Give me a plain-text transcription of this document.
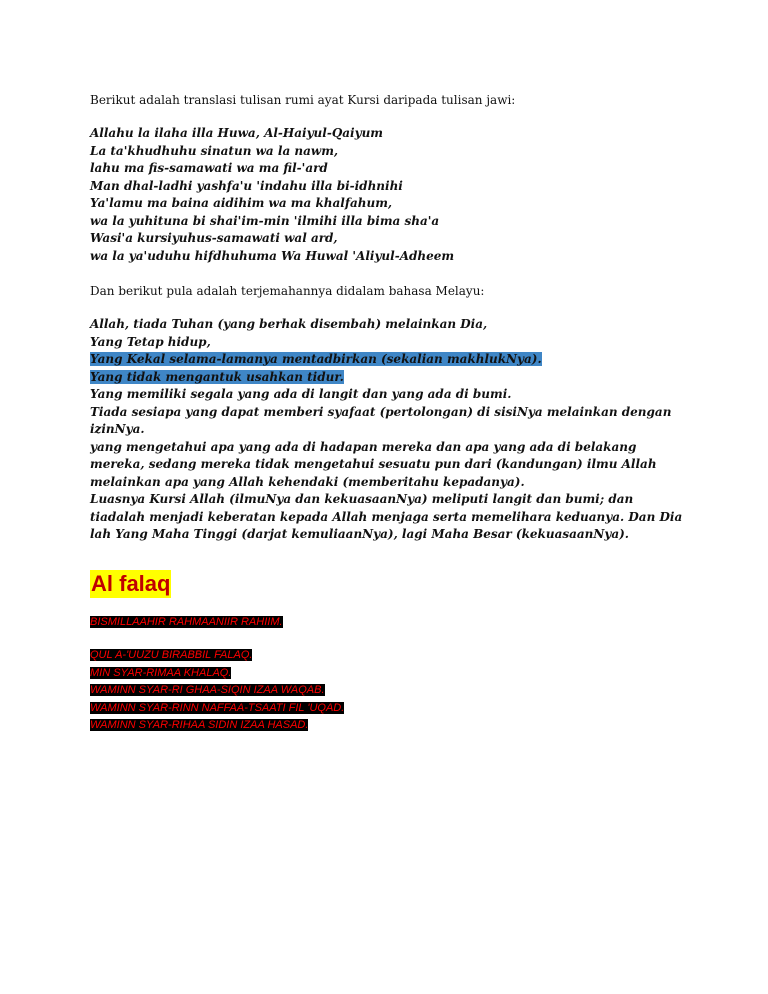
Berikut adalah translasi tulisan rumi ayat Kursi daripada tulisan jawi:

Allahu la ilaha illa Huwa, Al-Haiyul-Qaiyum
La ta'khudhuhu sinatun wa la nawm,
lahu ma fis-samawati wa ma fil-'ard
Man dhal-ladhi yashfa'u 'indahu illa bi-idhnihi
Ya'lamu ma baina aidihim wa ma khalfahum,
wa la yuhituna bi shai'im-min 'ilmihi illa bima sha'a
Wasi'a kursiyuhus-samawati wal ard,
wa la ya'uduhu hifdhuhuma Wa Huwal 'Aliyul-Adheem

Dan berikut pula adalah terjemahannya didalam bahasa Melayu:

Allah, tiada Tuhan (yang berhak disembah) melainkan Dia,
Yang Tetap hidup,
Yang Kekal selama-lamanya mentadbirkan (sekalian makhlukNya).
Yang tidak mengantuk usahkan tidur.
Yang memiliki segala yang ada di langit dan yang ada di bumi.
Tiada sesiapa yang dapat memberi syafaat (pertolongan) di sisiNya melainkan dengan izinNya.
yang mengetahui apa yang ada di hadapan mereka dan apa yang ada di belakang mereka, sedang mereka tidak mengetahui sesuatu pun dari (kandungan) ilmu Allah melainkan apa yang Allah kehendaki (memberitahu kepadanya).
Luasnya Kursi Allah (ilmuNya dan kekuasaanNya) meliputi langit dan bumi; dan tiadalah menjadi keberatan kepada Allah menjaga serta memelihara keduanya. Dan Dia lah Yang Maha Tinggi (darjat kemuliaanNya), lagi Maha Besar (kekuasaanNya).
Al falaq
BISMILLAAHIR RAHMAANIIR RAHIIM.
QUL A-'UUZU BIRABBIL FALAQ.
MIN SYAR-RIMAA KHALAQ.
WAMINN SYAR-RI GHAA-SIQIN IZAA WAQAB.
WAMINN SYAR-RINN NAFFAA-TSAATI FIL 'UQAD.
WAMINN SYAR-RIHAA SIDIN IZAA HASAD.
